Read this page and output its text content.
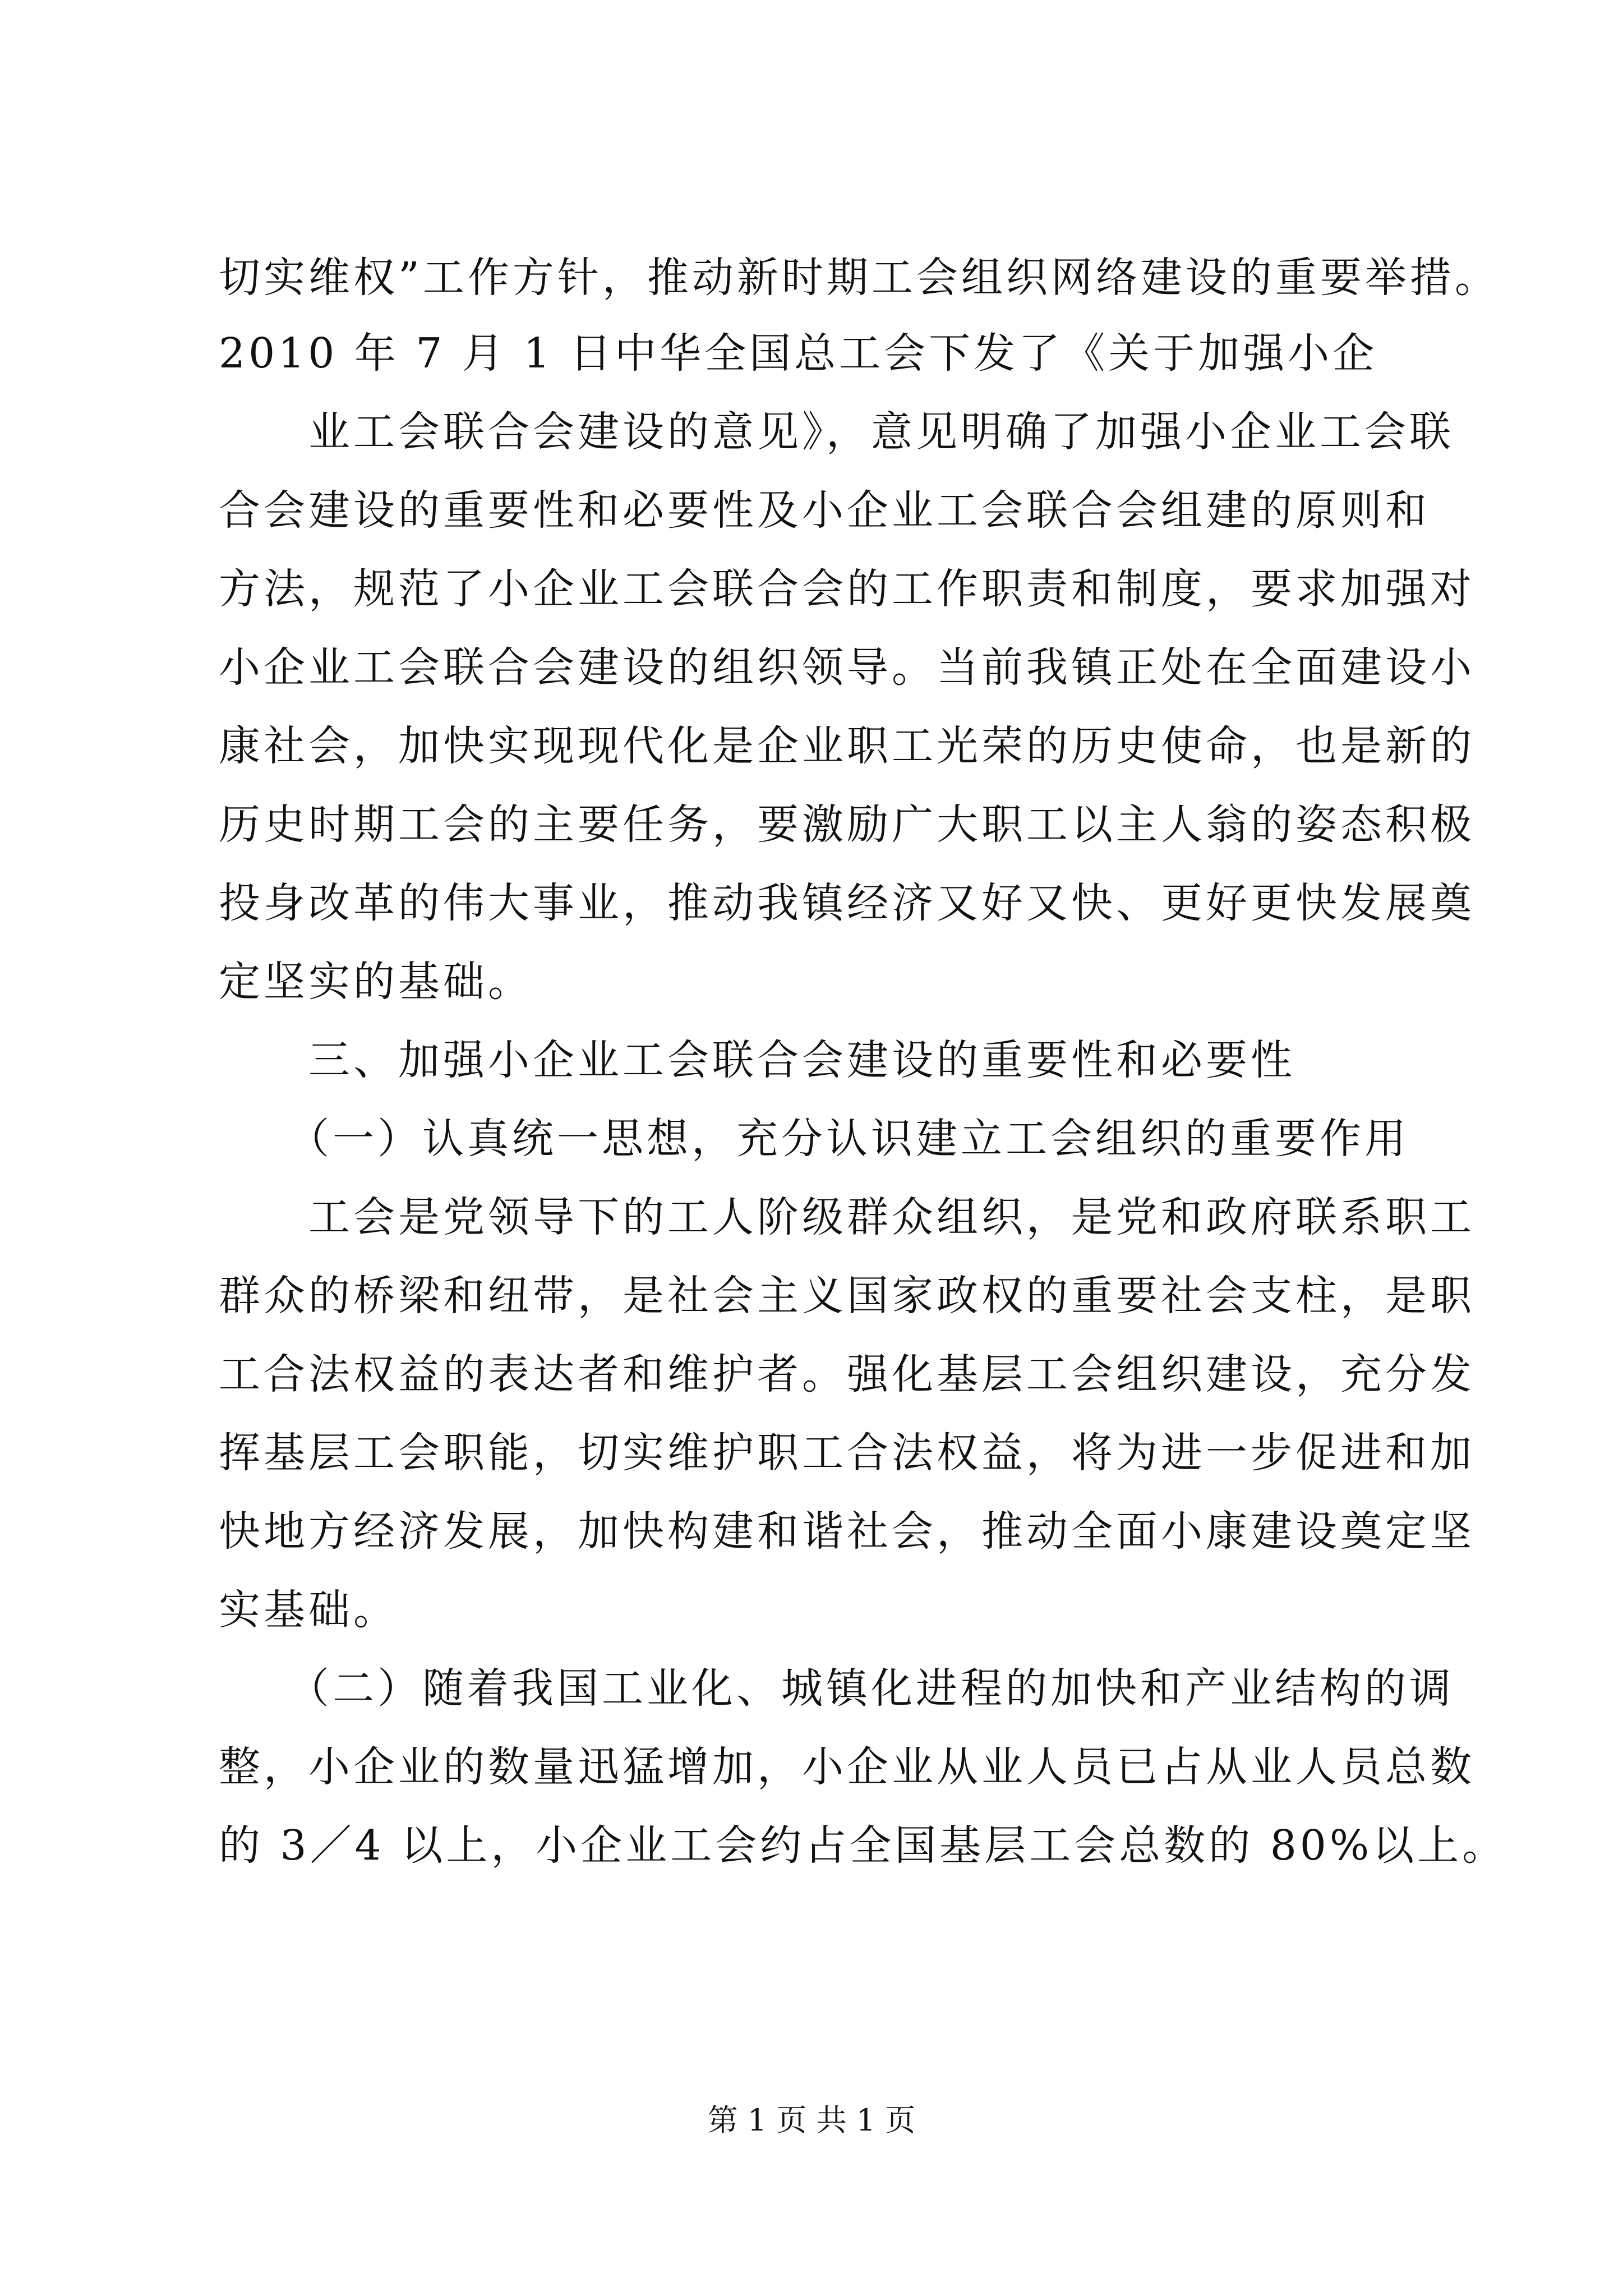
切实维权”工作方针，推动新时期工会组织网络建设的重要举措。
2010 年 7 月 1 日中华全国总工会下发了《关于加强小企
　　业工会联合会建设的意见》，意见明确了加强小企业工会联
合会建设的重要性和必要性及小企业工会联合会组建的原则和
方法，规范了小企业工会联合会的工作职责和制度，要求加强对
小企业工会联合会建设的组织领导。当前我镇正处在全面建设小
康社会，加快实现现代化是企业职工光荣的历史使命，也是新的
历史时期工会的主要任务，要激励广大职工以主人翁的姿态积极
投身改革的伟大事业，推动我镇经济又好又快、更好更快发展奠
定坚实的基础。
　　三、加强小企业工会联合会建设的重要性和必要性
　　（一）认真统一思想，充分认识建立工会组织的重要作用
　　工会是党领导下的工人阶级群众组织，是党和政府联系职工
群众的桥梁和纽带，是社会主义国家政权的重要社会支柱，是职
工合法权益的表达者和维护者。强化基层工会组织建设，充分发
挥基层工会职能，切实维护职工合法权益，将为进一步促进和加
快地方经济发展，加快构建和谐社会，推动全面小康建设奠定坚
实基础。
　　（二）随着我国工业化、城镇化进程的加快和产业结构的调
整，小企业的数量迅猛增加，小企业从业人员已占从业人员总数
的 3／4 以上，小企业工会约占全国基层工会总数的 80%以上。
第 1 页 共 1 页
